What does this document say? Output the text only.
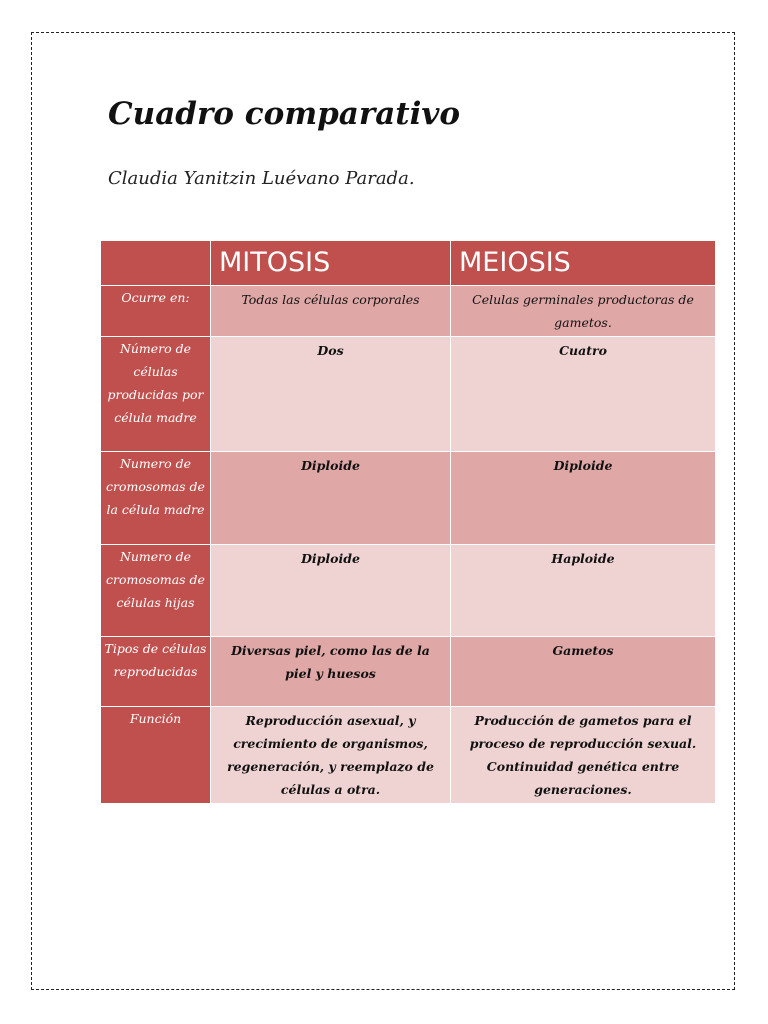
Cuadro comparativo

Claudia Yanitzin Luévano Parada.

	MITOSIS	MEIOSIS
Ocurre en:	Todas las células corporales	Celulas germinales productoras de gametos.
Número de células producidas por célula madre	Dos	Cuatro
Numero de cromosomas de la célula madre	Diploide	Diploide
Numero de cromosomas de células hijas	Diploide	Haploide
Tipos de células reproducidas	Diversas piel, como las de la piel y huesos	Gametos
Función	Reproducción asexual, y crecimiento de organismos, regeneración, y reemplazo de células a otra.	Producción de gametos para el proceso de reproducción sexual. Continuidad genética entre generaciones.
